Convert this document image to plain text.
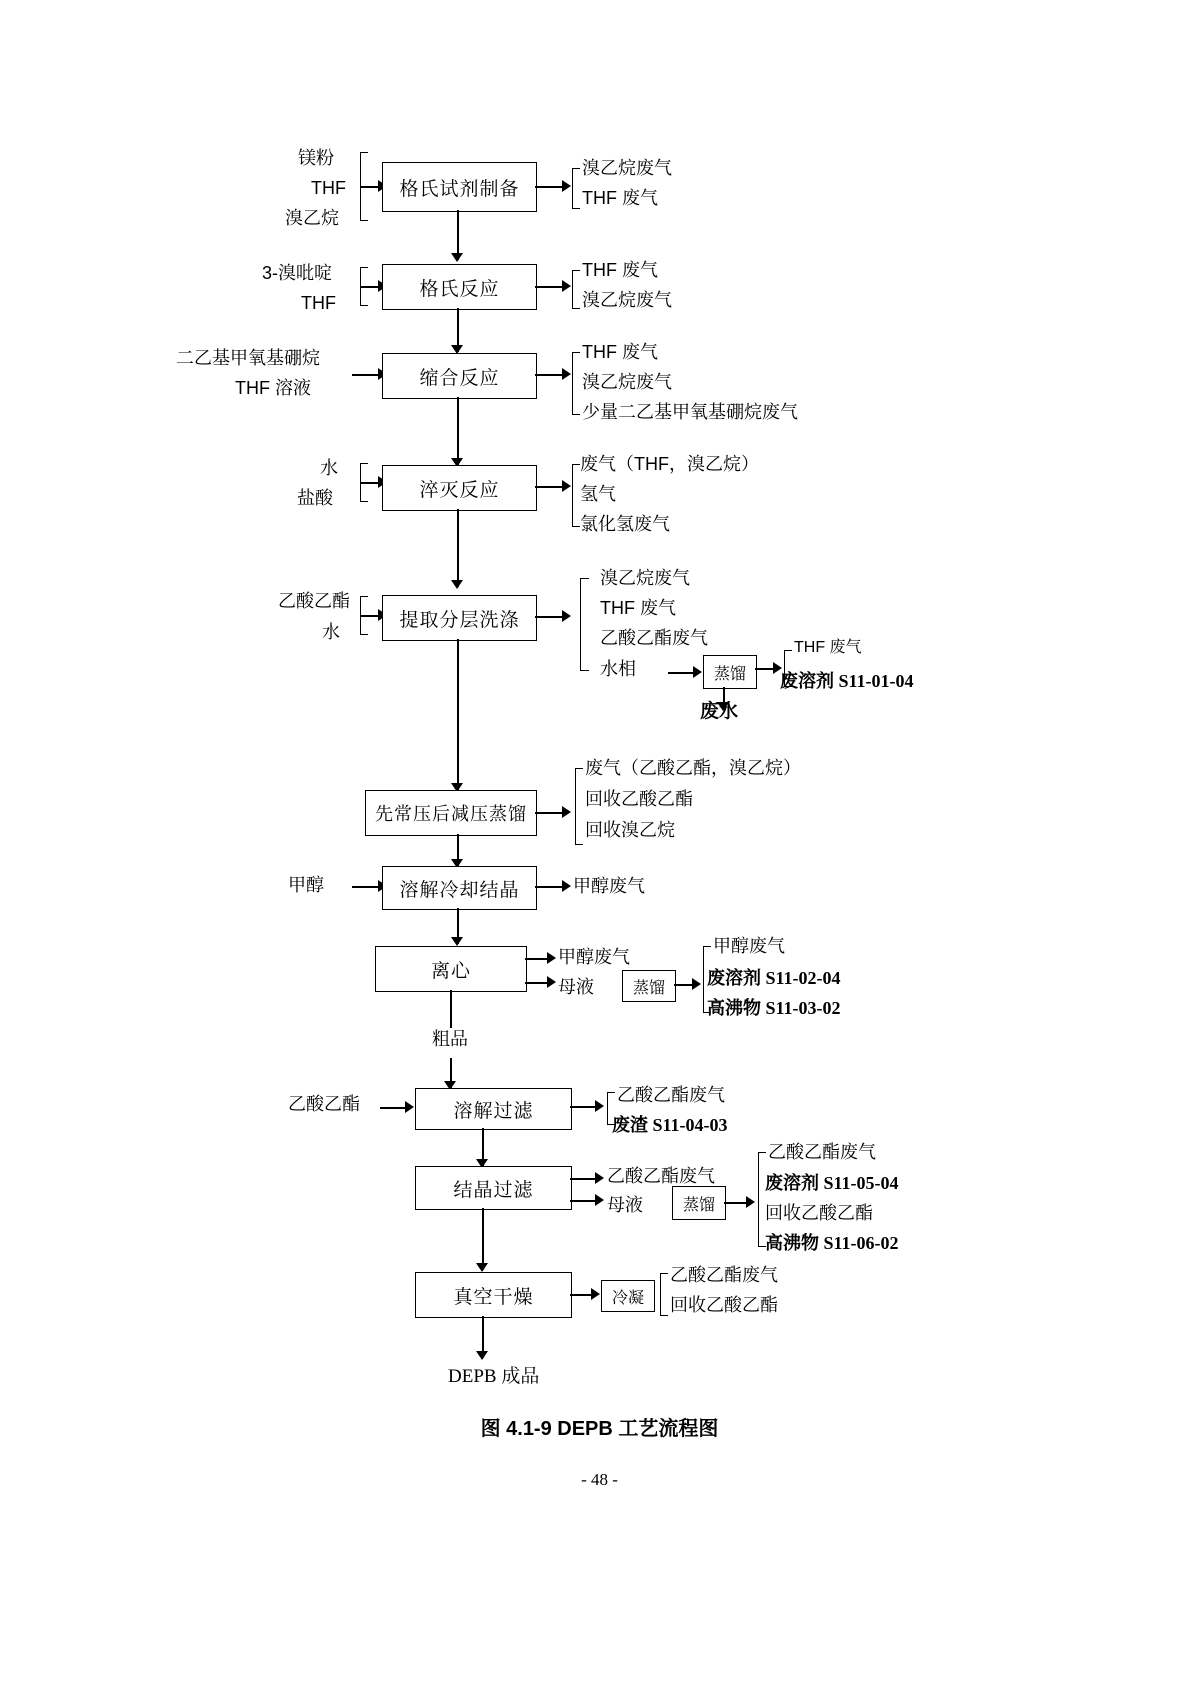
镁粉
THF
溴乙烷
格氏试剂制备
溴乙烷废气
THF 废气
3-溴吡啶
THF
格氏反应
THF 废气
溴乙烷废气
二乙基甲氧基硼烷
THF 溶液	缩合反应
THF 废气
溴乙烷废气
少量二乙基甲氧基硼烷废气
水
盐酸	淬灭反应
废气（THF，溴乙烷）
氢气
氯化氢废气
乙酸乙酯
水
提取分层洗涤
溴乙烷废气
THF 废气
乙酸乙酯废气
水相	蒸馏
THF 废气
废溶剂 S11-01-04
废水
先常压后减压蒸馏
废气（乙酸乙酯，溴乙烷）
回收乙酸乙酯
回收溴乙烷
甲醇	溶解冷却结晶	甲醇废气
离心
甲醇废气
母液	蒸馏
甲醇废气
废溶剂 S11-02-04
高沸物 S11-03-02
粗品
乙酸乙酯	溶解过滤
乙酸乙酯废气
废渣 S11-04-03
结晶过滤
乙酸乙酯废气
母液	蒸馏
乙酸乙酯废气
废溶剂 S11-05-04
回收乙酸乙酯
高沸物 S11-06-02
真空干燥	冷凝
乙酸乙酯废气
回收乙酸乙酯
DEPB 成品
图 4.1-9 DEPB 工艺流程图
- 48 -
